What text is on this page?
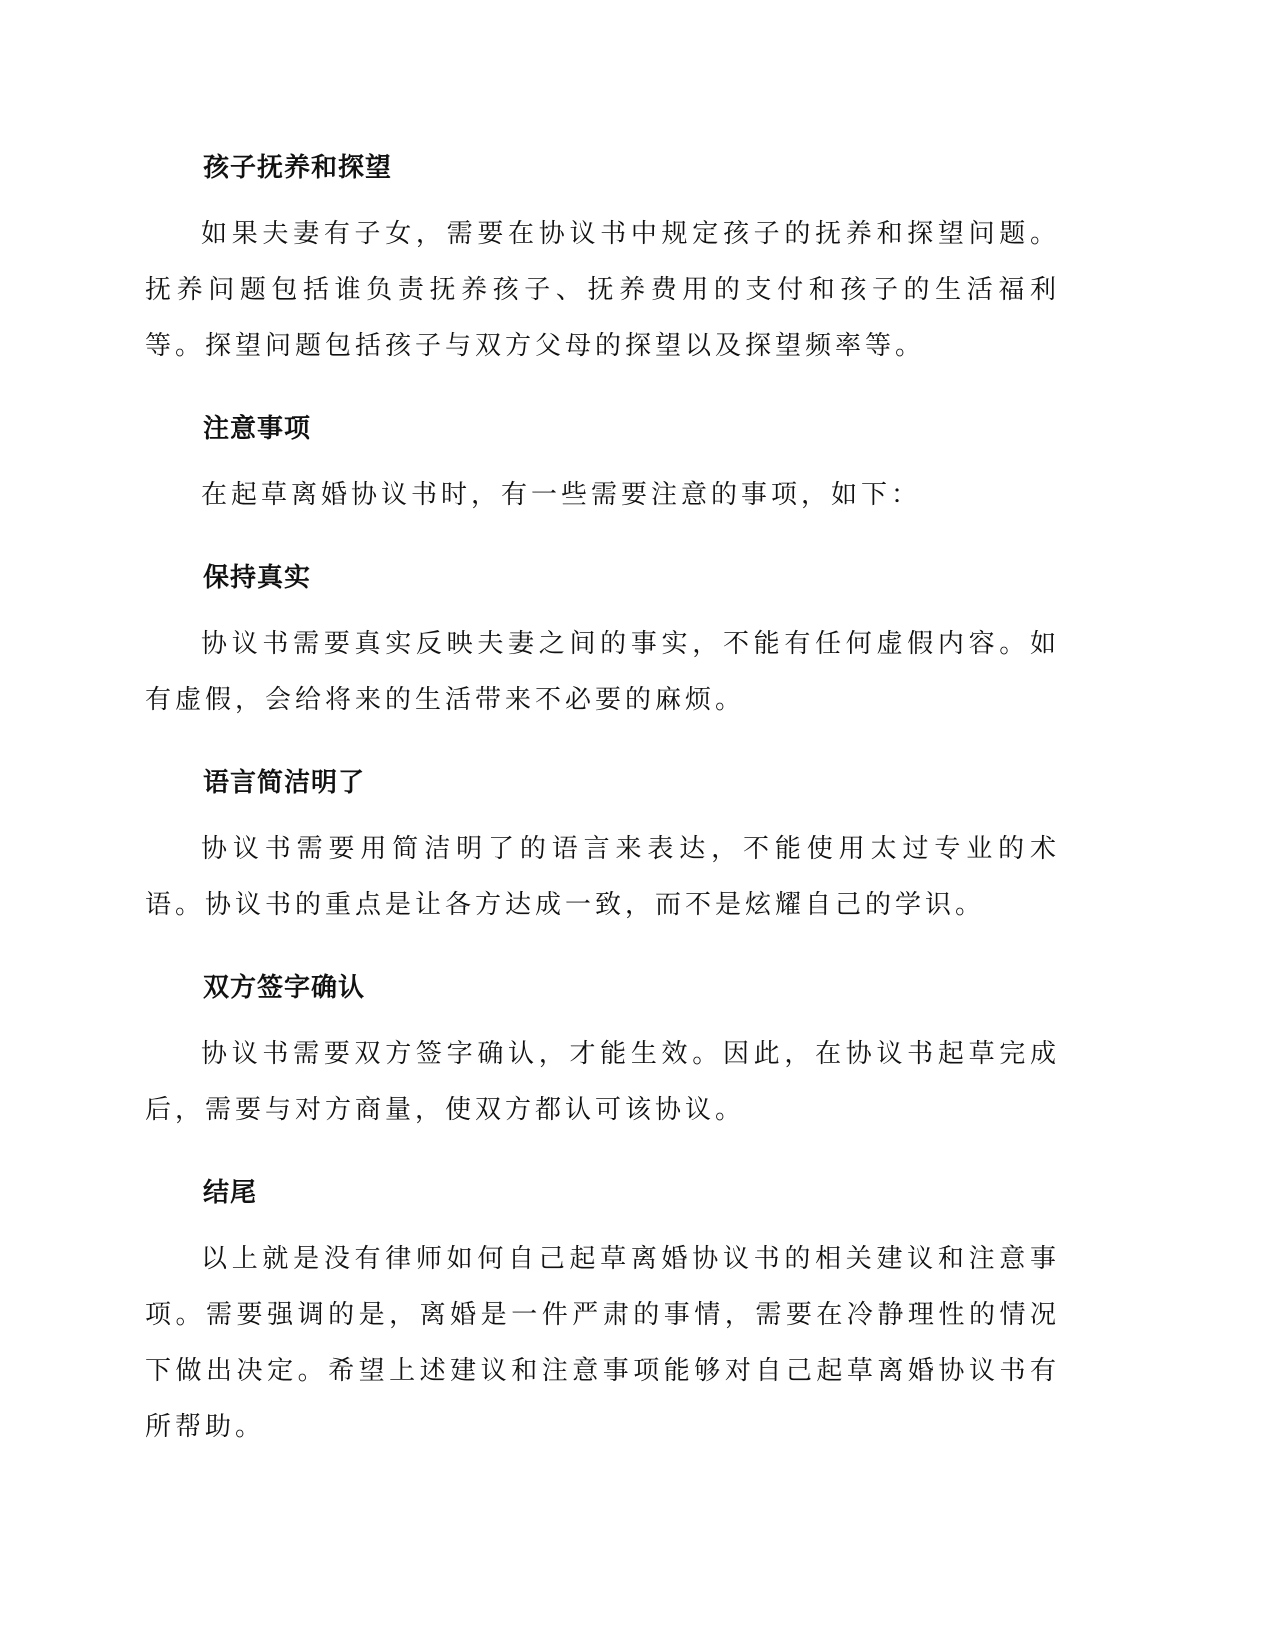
孩子抚养和探望

如果夫妻有子女，需要在协议书中规定孩子的抚养和探望问题。抚养问题包括谁负责抚养孩子、抚养费用的支付和孩子的生活福利等。探望问题包括孩子与双方父母的探望以及探望频率等。

注意事项

在起草离婚协议书时，有一些需要注意的事项，如下：

保持真实

协议书需要真实反映夫妻之间的事实，不能有任何虚假内容。如有虚假，会给将来的生活带来不必要的麻烦。

语言简洁明了

协议书需要用简洁明了的语言来表达，不能使用太过专业的术语。协议书的重点是让各方达成一致，而不是炫耀自己的学识。

双方签字确认

协议书需要双方签字确认，才能生效。因此，在协议书起草完成后，需要与对方商量，使双方都认可该协议。

结尾

以上就是没有律师如何自己起草离婚协议书的相关建议和注意事项。需要强调的是，离婚是一件严肃的事情，需要在冷静理性的情况下做出决定。希望上述建议和注意事项能够对自己起草离婚协议书有所帮助。
